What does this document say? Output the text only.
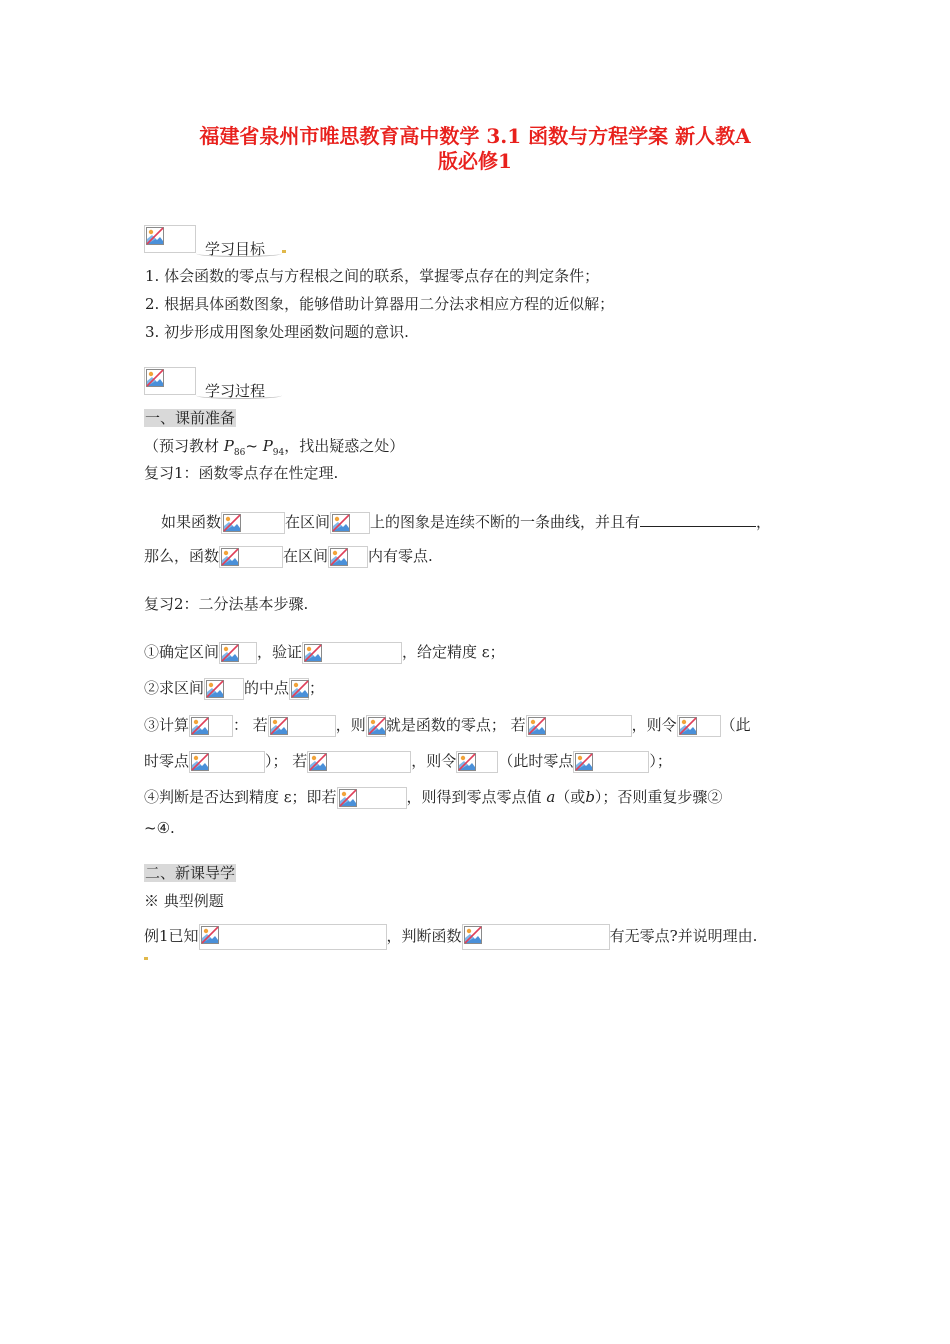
福建省泉州市唯思教育高中数学 3.1 函数与方程学案 新人教A
版必修1
学习目标
1. 体会函数的零点与方程根之间的联系，掌握零点存在的判定条件；
2. 根据具体函数图象，能够借助计算器用二分法求相应方程的近似解；
3. 初步形成用图象处理函数问题的意识.
学习过程
一、课前准备
（预习教材 $P_{86}\sim$ $P_{94}$，找出疑惑之处）
复习1：函数零点存在性定理.
如果函数	在区间	上的图象是连续不断的一条曲线，并且有	，
那么，函数	在区间	内有零点.
复习2：二分法基本步骤.
①确定区间	，验证	，给定精度 ε；
②求区间	的中点 ；
③计算	： 若	，则 就是函数的零点； 若	，则令	（此
时零点	）； 若	，则令	（此时零点	）；
④判断是否达到精度 ε；即若	，则得到零点零点值 a（或b）；否则重复步骤②
~④.
二、新课导学
※ 典型例题
例1已知	，判断函数	有无零点?并说明理由.
